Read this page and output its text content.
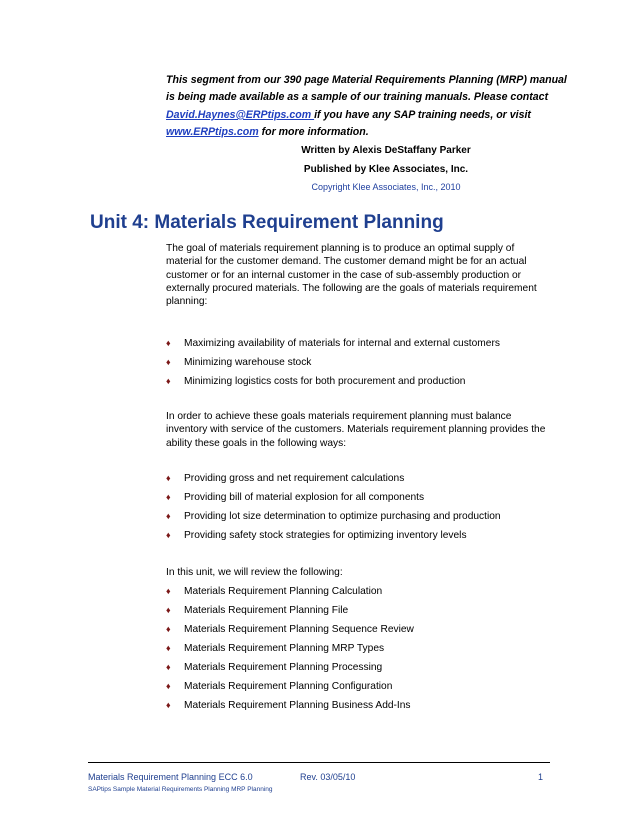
This segment from our 390 page Material Requirements Planning (MRP) manual is being made available as a sample of our training manuals. Please contact David.Haynes@ERPtips.com if you have any SAP training needs, or visit www.ERPtips.com for more information.
Written by Alexis DeStaffany Parker
Published by Klee Associates, Inc.
Copyright Klee Associates, Inc., 2010
Unit 4: Materials Requirement Planning
The goal of materials requirement planning is to produce an optimal supply of material for the customer demand. The customer demand might be for an actual customer or for an internal customer in the case of sub-assembly production or externally procured materials. The following are the goals of materials requirement planning:
♦ Maximizing availability of materials for internal and external customers
♦ Minimizing warehouse stock
♦ Minimizing logistics costs for both procurement and production
In order to achieve these goals materials requirement planning must balance inventory with service of the customers. Materials requirement planning provides the ability these goals in the following ways:
♦ Providing gross and net requirement calculations
♦ Providing bill of material explosion for all components
♦ Providing lot size determination to optimize purchasing and production
♦ Providing safety stock strategies for optimizing inventory levels
In this unit, we will review the following:
♦ Materials Requirement Planning Calculation
♦ Materials Requirement Planning File
♦ Materials Requirement Planning Sequence Review
♦ Materials Requirement Planning MRP Types
♦ Materials Requirement Planning Processing
♦ Materials Requirement Planning Configuration
♦ Materials Requirement Planning Business Add-Ins
Materials Requirement Planning ECC 6.0	Rev. 03/05/10	1
SAPtips Sample Material Requirements Planning MRP Planning
